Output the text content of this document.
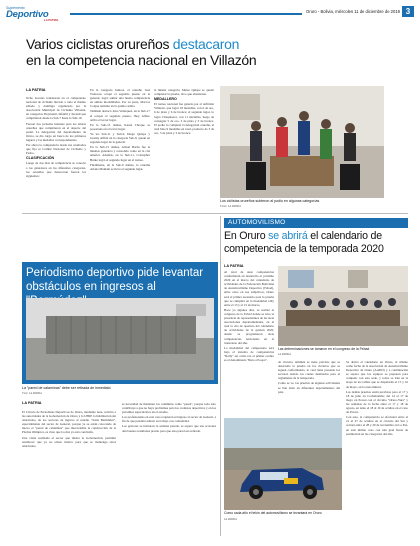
Suplemento
Deportivo
LA PATRIA
Oruro - Bolivia, miércoles 11 de diciembre de 2019 3
Varios ciclistas orureños destacaron
en la competencia nacional en Villazón
LA PATRIA

Ocho noveles transitaron en el campeonato nacional de ciclismo llevado a cabo el mismo sábado y domingo organizado por la Asociación Municipal de Ciclismo Villazón, en categorías Prejuvenil, Infantil y Juvenil que compitieron desde la Sub-7 hasta la Sub-19.

Fueron dos jornadas intensas para los atletas orureños que compitieron en el deporte del pedal. La delegación del departamento de Oruro, se dio cargo en busca de los primeros lugares y las medallas correspondientes.

Por ahora la competencia desde sus resultados que fija el Comité Nacional de Ciclismo y Fesbo.

CLASIFICACIÓN

Luego de dos días de competencia se conoció a los ganadores en las diferentes categorías, los orureños que destacaron fueron los siguientes:

En la categoría Juniors, el orureño José Troncoso ocupó el segundo puesto en la general, logró sumar una buena competencia en ambas modalidades. Por su parte, Marcos Colque terminó en la quinta casilla.

También destacó Jairo Velásquez, en la Sub-17 el ocupar el segundo puesto, Jhoy Alfaro arriba el tercer lugar.

En la Sub-13 damas, Karen Choque se posesionó en el tercer lugar.

Ya los Sub-11 y Sub-9, Diego Quispe y Jeremy Aiflón en la categoría Sub-9, quedó en segundo lugar de la general.

En la Sub-15 damas, Alison Barba fue la mismas ganadora y consolidó como en la cita anterior. Además, en la Sub-11, Cristopher Burke logró el segundo lugar en el torneo.

Finalmente, en la Sub-9 damas, la orureña Ariana Mamani se llevó el segundo lugar.

la misma categoría, Mateo Quispe se quedó completar la prueba, tuvo que abandonar.

MEDALLERO

El torneo nacional fue ganado por el anfitrión Villazón, que logró 18 medallas, con 6 de oro, 6 de plata y 6 de bronce; el segundo lugar, lo logró Chuquisaca, con 11 medallas, luego de consagrar 5 de oro, 3 de plata y 3 de bronce. El podio lo completó la delegación orureña, el cual hizo 9 medallas en total, producto de 3 de oro, 3 de plata y 3 de bronce.

Los ciclistas orureños subieron al podio en algunas categorías
Fotos: LA PATRIA
Periodismo deportivo pide levantar obstáculos en ingresos al
La "pared de calaminas" debe ser retirada de inmediato
Foto: LA PATRIA
LA PATRIA

El Círculo de Periodistas Deportivos de Oruro, mediante nota, solicitó a las autoridades de la Gobernación de Oruro y la UPRE la habilitación sin obstáculos, de los sectores de ingreso al estadio "Jesús Bermúdez", especialmente del sector de General, porque ya se están colocando de nuevo el "pared de calaminas" que intervendría la construcción de la Piscina Olímpica, es visto que la obra ya está concluida.

Una visita realizada al sector que ilustra la Gobernación, permitió establecer que ya no existe motivo para que se mantenga estos obstáculos.

se necesidad de mantener los calaminas como "pared", porque todo esto contribuye a que no haya problemas para los cronistas deportivos y en los próximos espectáculos en el estadio.

Los profesionales en este caso requieren el ingreso al sector de General, a fin de que puedan realizar su trabajo con comodidad.

Los gestores se iniciaron la semana pasada, se espera que sus acciones den buenos resultados pronto para que esta pared sea retirada.

AUTOMOVILISMO
En Oruro se abrirá el calendario de competencia de la temporada 2020
LA PATRIA

Al total de siete competencias conformarán en desarrollo el próximo 2020 en el marco del calendario de actividades de la Federación Boliviana de Automovilismo Deportivo (Febad), entre otros en sus subjetivos, Oruro será el primer escenario para la prueba que se cumplirá en la modalidad rally entre el 13 y el 15 de marzo.

Hace ya algunos días, se realizó el congreso de la Febad donde se tuvo la presencia de representantes de las siete asociaciones departamentales, en el cual la cita de apertura del calendario de actividades de la gestión 2020, donde se programaron siete competencias nacionales en el transcurso del año.

La modalidad del campeonato será bajo el sistema de competencias "Rally" así como tal, el primer evento es el denominado "Ruta a Poopó".

Las determinaciones se tomaron en el congreso de la Febad
LA PATRIA

de circuito, también se tiene previsto que se desarrolle la prueba en los circuitos que se siguen conformando, lo cual tiene presente los sectores siendo los cuales destinados para el reglamento de la temporada.

Como se ve, las pruebas de algunas actividades se han dado en diferentes departamentos del país.

Se abrirá el calendario en Oruro, el mismo como fecha de la Asociación de Automovilismo Deportivo de Oruro (AADO) y a continuación se espera que los equipos se preparen para competir con esta sede, y todos se irán en la etapa de los rallies que se disputarán el 15 y 16 de mayo, en la zona minera.

Las demás pruebas están previstas para el 17 y 18 de julio en Cochabamba; del 14 al 17 de mayo en Potosí con el circuito "Oruro-Yura" y las semanas de la fecha entre el 17 y 18 de agosto, en tanto el 18 al 19 de octubre en el caso de Potosí.

Con esto, la competencia se efectuará entre el 21 al 27 de octubre en el circuito del Sur y cerrará entre el 28 y 29 de noviembre en La Paz, en este último caso con una gran fiesta de premiación en las categorías del año.

Como cada año el telón del automovilismo se levantará en Oruro
LA PATRIA
